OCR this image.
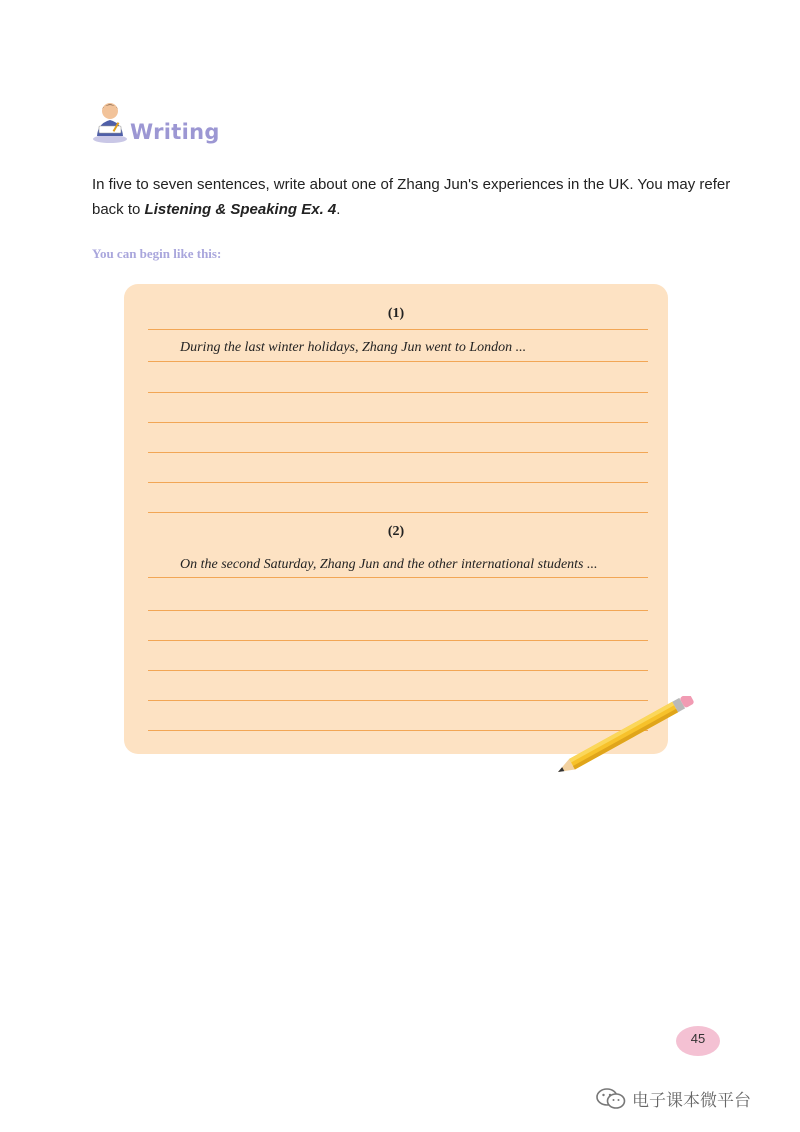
Writing

In five to seven sentences, write about one of Zhang Jun's experiences in the UK. You may refer back to Listening & Speaking Ex. 4.

You can begin like this:

(1)
During the last winter holidays, Zhang Jun went to London ...
(2)
On the second Saturday, Zhang Jun and the other international students ...
45
电子课本微平台
